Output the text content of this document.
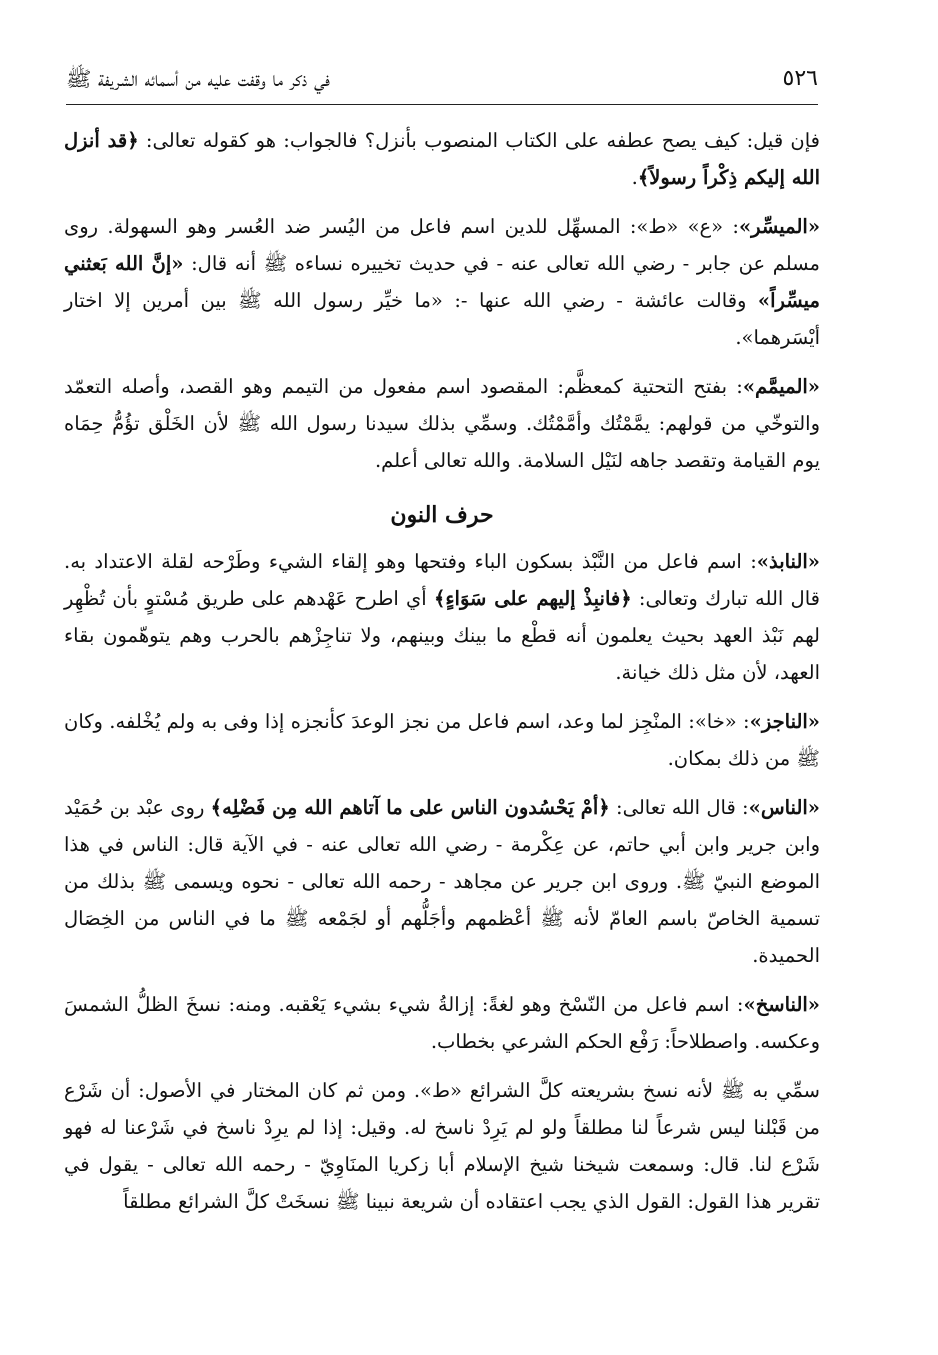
٥٢٦
في ذكر ما وقفت عليه من أسمائه الشريفة ﷺ

فإن قيل: كيف يصح عطفه على الكتاب المنصوب بأنزل؟ فالجواب: هو كقوله تعالى: ﴿قد أنزل الله إليكم ذِكْراً رسولاً﴾.

«الميسِّر»: «ع» «ط»: المسهِّل للدين اسم فاعل من اليُسر ضد العُسر وهو السهولة. روى مسلم عن جابر - رضي الله تعالى عنه - في حديث تخييره نساءه ﷺ أنه قال: «إنَّ الله بَعثني ميسِّراً» وقالت عائشة - رضي الله عنها -: «ما خيِّر رسول الله ﷺ بين أمرين إلا اختار أيْسَرهما».

«الميمَّم»: بفتح التحتية كمعظَّم: المقصود اسم مفعول من التيمم وهو القصد، وأصله التعمّد والتوخّي من قولهم: يمَّمْتُك وأمَّمْتُك. وسمِّي بذلك سيدنا رسول الله ﷺ لأن الخَلْق تؤُمُّ حِمَاه يوم القيامة وتقصد جاهه لنَيْل السلامة. والله تعالى أعلم.

حرف النون

«النابذ»: اسم فاعل من النَّبْذ بسكون الباء وفتحها وهو إلقاء الشيء وطَرْحه لقلة الاعتداد به. قال الله تبارك وتعالى: ﴿فانبِذْ إليهم على سَوَاءٍ﴾ أي اطرح عَهْدهم على طريق مُسْتوٍ بأن تُظْهِر لهم نَبْذ العهد بحيث يعلمون أنه قطْع ما بينك وبينهم، ولا تناجِزْهم بالحرب وهم يتوهّمون بقاء العهد، لأن مثل ذلك خيانة.

«الناجز»: «خا»: المنْجِز لما وعد، اسم فاعل من نجز الوعدَ كأنجزه إذا وفى به ولم يُخْلفه. وكان ﷺ من ذلك بمكان.

«الناس»: قال الله تعالى: ﴿أمْ يَحْسُدون الناس على ما آتاهم الله مِن فَضْلِه﴾ روى عبْد بن حُمَيْد وابن جرير وابن أبي حاتم، عن عِكْرمة - رضي الله تعالى عنه - في الآية قال: الناس في هذا الموضع النبيّ ﷺ. وروى ابن جرير عن مجاهد - رحمه الله تعالى - نحوه ويسمى ﷺ بذلك من تسمية الخاصّ باسم العامّ لأنه ﷺ أعْظمهم وأجَلُّهم أو لجَمْعه ﷺ ما في الناس من الخِصَال الحميدة.

«الناسخ»: اسم فاعل من النّسْخ وهو لغةً: إزالةُ شيء بشيء يَعْقبه. ومنه: نسخَ الظلُّ الشمسَ وعكسه. واصطلاحاً: رَفْع الحكم الشرعي بخطاب.

سمِّي به ﷺ لأنه نسخ بشريعته كلَّ الشرائع «ط». ومن ثم كان المختار في الأصول: أن شَرْع من قَبْلنا ليس شرعاً لنا مطلقاً ولو لم يَرِدْ ناسخ له. وقيل: إذا لم يرِدْ ناسخ في شَرْعنا له فهو شَرْع لنا. قال: وسمعت شيخنا شيخ الإسلام أبا زكريا المنَاوِيّ - رحمه الله تعالى - يقول في تقرير هذا القول: القول الذي يجب اعتقاده أن شريعة نبينا ﷺ نسخَتْ كلَّ الشرائع مطلقاً
